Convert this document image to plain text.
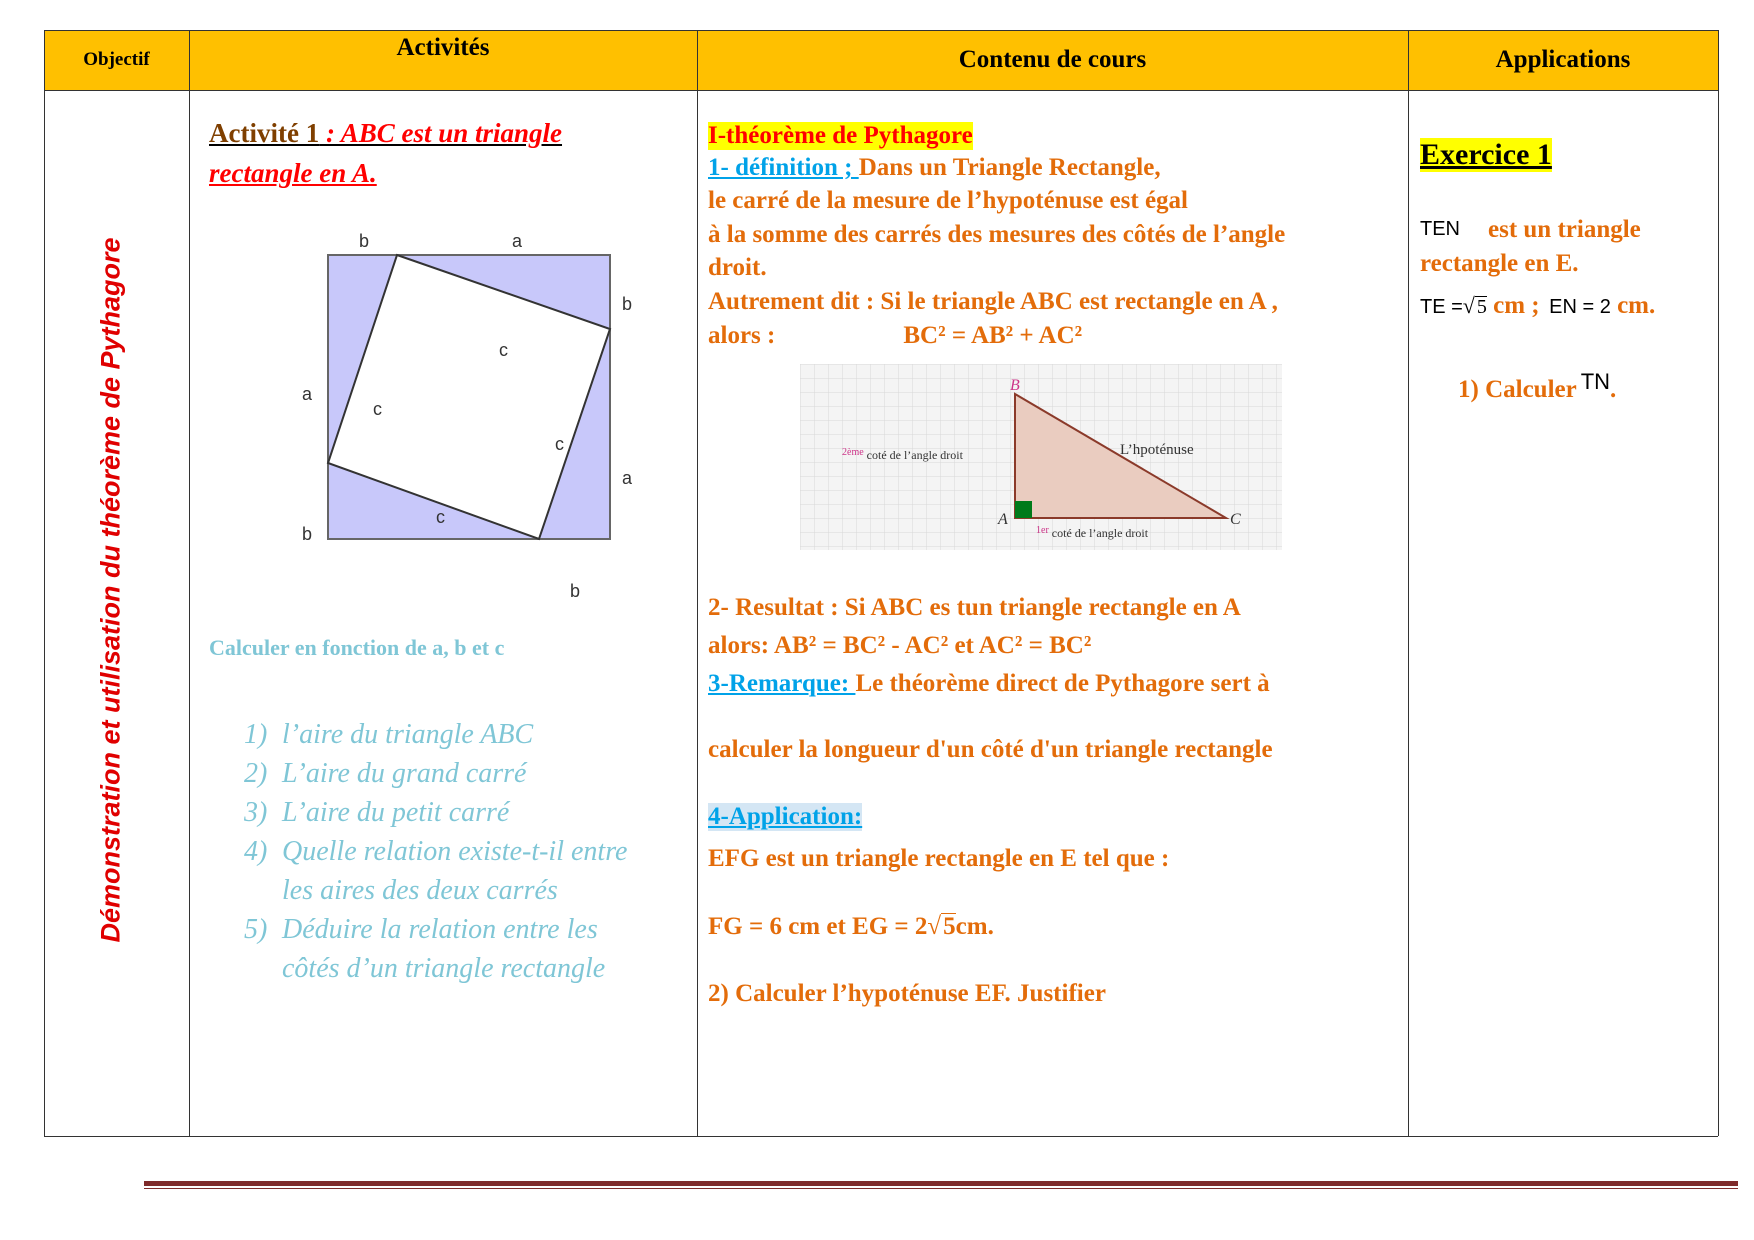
Objectif	Activités	Contenu de cours	Applications
Démonstration et utilisation du théorème de Pythagore
Activité 1 : ABC est un triangle
rectangle en A.
b	a
b
a
b
a
b
c
c
c
c
Calculer en fonction de a, b et c
1) l’aire du triangle ABC
2) L’aire du grand carré
3) L’aire du petit carré
4) Quelle relation existe-t-il entre les aires des deux carrés
5) Déduire la relation entre les côtés d’un triangle rectangle
I-théorème de Pythagore
1- définition ; Dans un Triangle Rectangle,
le carré de la mesure de l’hypoténuse est égal
à la somme des carrés des mesures des côtés de l’angle
droit.
Autrement dit : Si le triangle ABC est rectangle en A ,
alors :	BC² = AB² + AC²
B
A	C
L’hpoténuse
$^{2ème}$ coté de l’angle droit
$^{1er}$ coté de l’angle droit
2- Resultat : Si ABC es tun triangle rectangle en A
alors: AB² = BC² - AC² et AC² = BC²
3-Remarque: Le théorème direct de Pythagore sert à
calculer la longueur d'un côté d'un triangle rectangle
4-Application:
EFG est un triangle rectangle en E tel que :
FG = 6 cm et EG = 2√5cm.
2) Calculer l’hypoténuse EF. Justifier
Exercice 1
TEN est un triangle
rectangle en E.
TE =√ 5 cm ; EN = 2 cm.
1) Calculer TN.
